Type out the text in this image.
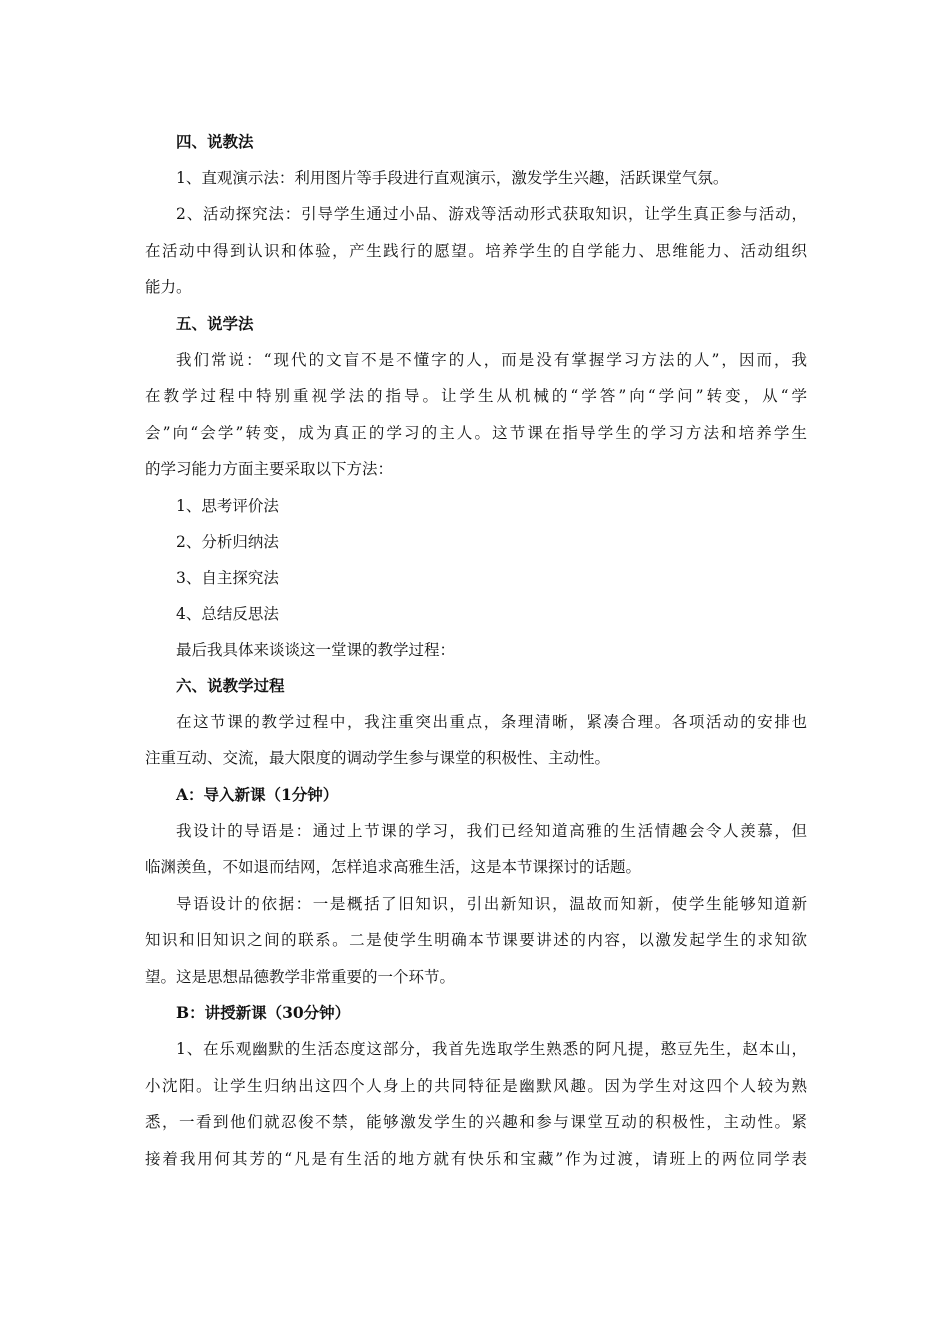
四、说教法
1、直观演示法：利用图片等手段进行直观演示，激发学生兴趣，活跃课堂气氛。
2、活动探究法：引导学生通过小品、游戏等活动形式获取知识，让学生真正参与活动，
在活动中得到认识和体验，产生践行的愿望。培养学生的自学能力、思维能力、活动组织
能力。
五、说学法
我们常说：“现代的文盲不是不懂字的人，而是没有掌握学习方法的人”，因而，我
在教学过程中特别重视学法的指导。让学生从机械的“学答”向“学问”转变，从“学
会”向“会学”转变，成为真正的学习的主人。这节课在指导学生的学习方法和培养学生
的学习能力方面主要采取以下方法：
1、思考评价法
2、分析归纳法
3、自主探究法
4、总结反思法
最后我具体来谈谈这一堂课的教学过程：
六、说教学过程
在这节课的教学过程中，我注重突出重点，条理清晰，紧凑合理。各项活动的安排也
注重互动、交流，最大限度的调动学生参与课堂的积极性、主动性。
A：导入新课（1分钟）
我设计的导语是：通过上节课的学习，我们已经知道高雅的生活情趣会令人羡慕，但
临渊羡鱼，不如退而结网，怎样追求高雅生活，这是本节课探讨的话题。
导语设计的依据：一是概括了旧知识，引出新知识，温故而知新，使学生能够知道新
知识和旧知识之间的联系。二是使学生明确本节课要讲述的内容，以激发起学生的求知欲
望。这是思想品德教学非常重要的一个环节。
B：讲授新课（30分钟）
1、在乐观幽默的生活态度这部分，我首先选取学生熟悉的阿凡提，憨豆先生，赵本山，
小沈阳。让学生归纳出这四个人身上的共同特征是幽默风趣。因为学生对这四个人较为熟
悉，一看到他们就忍俊不禁，能够激发学生的兴趣和参与课堂互动的积极性，主动性。紧
接着我用何其芳的“凡是有生活的地方就有快乐和宝藏”作为过渡，请班上的两位同学表
